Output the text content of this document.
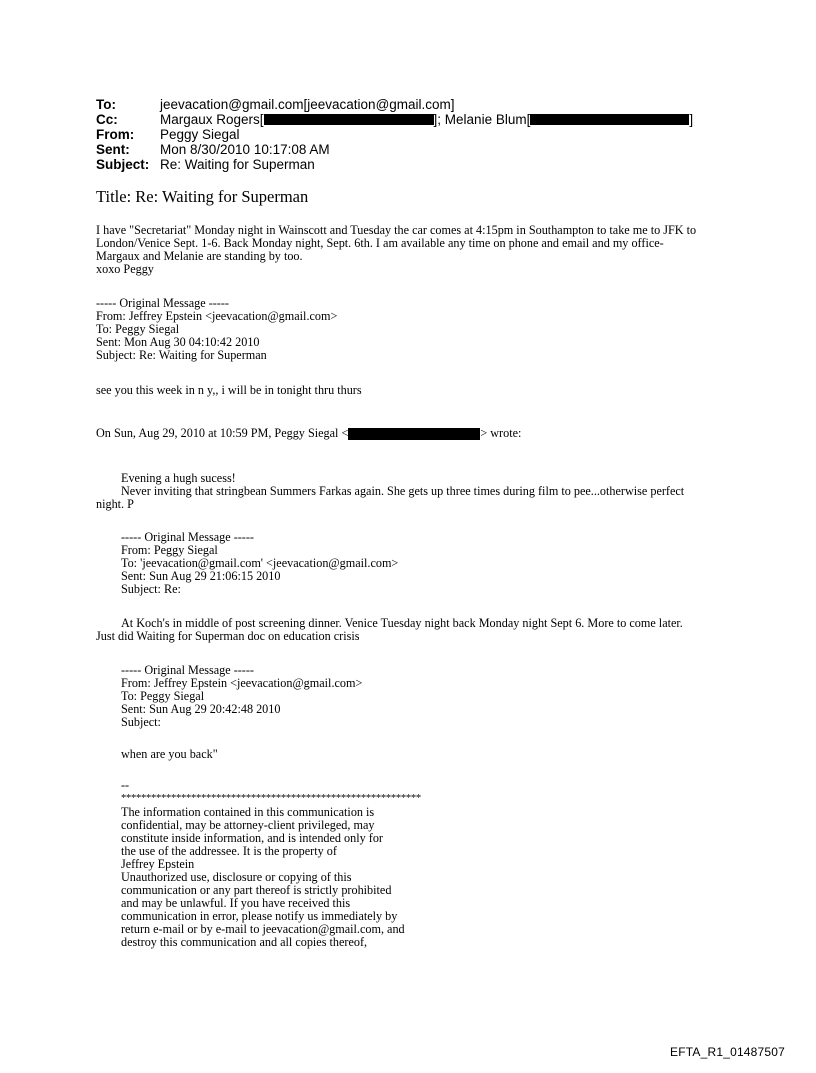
To:	jeevacation@gmail.com[jeevacation@gmail.com]
Cc:	Margaux Rogers[	]; Melanie Blum[	]
From:	Peggy Siegal
Sent:	Mon 8/30/2010 10:17:08 AM
Subject: Re: Waiting for Superman
Title: Re: Waiting for Superman
I have "Secretariat" Monday night in Wainscott and Tuesday the car comes at 4:15pm in Southampton to take me to JFK to
London/Venice Sept. 1-6. Back Monday night, Sept. 6th. I am available any time on phone and email and my office-
Margaux and Melanie are standing by too.
xoxo Peggy
----- Original Message -----
From: Jeffrey Epstein <jeevacation@gmail.com>
To: Peggy Siegal
Sent: Mon Aug 30 04:10:42 2010
Subject: Re: Waiting for Superman
see you this week in n y,, i will be in tonight thru thurs
On Sun, Aug 29, 2010 at 10:59 PM, Peggy Siegal <	> wrote:
Evening a hugh sucess!
Never inviting that stringbean Summers Farkas again. She gets up three times during film to pee...otherwise perfect
night. P
----- Original Message -----
From: Peggy Siegal
To: 'jeevacation@gmail.com' <jeevacation@gmail.com>
Sent: Sun Aug 29 21:06:15 2010
Subject: Re:
At Koch's in middle of post screening dinner. Venice Tuesday night back Monday night Sept 6. More to come later.
Just did Waiting for Superman doc on education crisis
----- Original Message -----
From: Jeffrey Epstein <jeevacation@gmail.com>
To: Peggy Siegal
Sent: Sun Aug 29 20:42:48 2010
Subject:
when are you back"
--
************************************************************
The information contained in this communication is
confidential, may be attorney-client privileged, may
constitute inside information, and is intended only for
the use of the addressee. It is the property of
Jeffrey Epstein
Unauthorized use, disclosure or copying of this
communication or any part thereof is strictly prohibited
and may be unlawful. If you have received this
communication in error, please notify us immediately by
return e-mail or by e-mail to jeevacation@gmail.com, and
destroy this communication and all copies thereof,
EFTA_R1_01487507
